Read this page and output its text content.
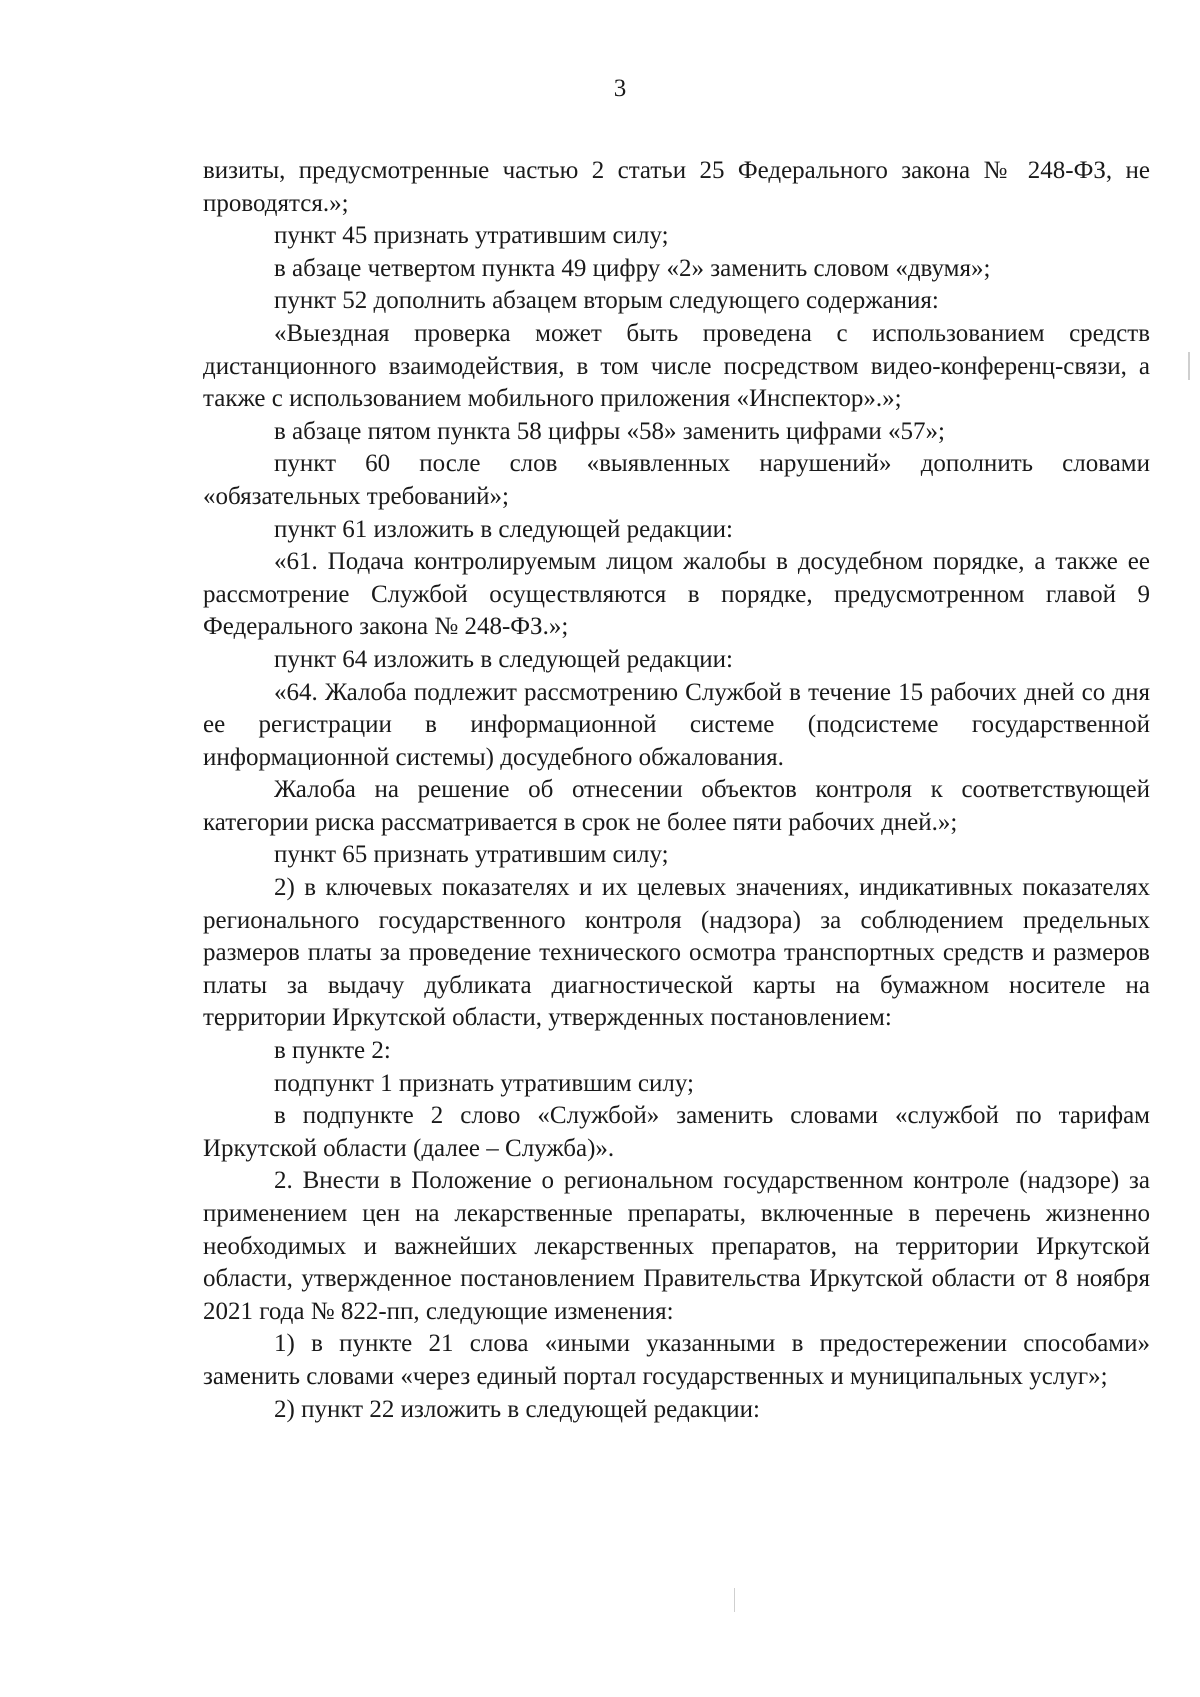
3

визиты, предусмотренные частью 2 статьи 25 Федерального закона № 248-ФЗ, не проводятся.»;

пункт 45 признать утратившим силу;

в абзаце четвертом пункта 49 цифру «2» заменить словом «двумя»;

пункт 52 дополнить абзацем вторым следующего содержания:

«Выездная проверка может быть проведена с использованием средств дистанционного взаимодействия, в том числе посредством видео-конференц-связи, а также с использованием мобильного приложения «Инспектор».»;

в абзаце пятом пункта 58 цифры «58» заменить цифрами «57»;

пункт 60 после слов «выявленных нарушений» дополнить словами «обязательных требований»;

пункт 61 изложить в следующей редакции:

«61. Подача контролируемым лицом жалобы в досудебном порядке, а также ее рассмотрение Службой осуществляются в порядке, предусмотренном главой 9 Федерального закона № 248-ФЗ.»;

пункт 64 изложить в следующей редакции:

«64. Жалоба подлежит рассмотрению Службой в течение 15 рабочих дней со дня ее регистрации в информационной системе (подсистеме государственной информационной системы) досудебного обжалования.

Жалоба на решение об отнесении объектов контроля к соответствующей категории риска рассматривается в срок не более пяти рабочих дней.»;

пункт 65 признать утратившим силу;

2) в ключевых показателях и их целевых значениях, индикативных показателях регионального государственного контроля (надзора) за соблюдением предельных размеров платы за проведение технического осмотра транспортных средств и размеров платы за выдачу дубликата диагностической карты на бумажном носителе на территории Иркутской области, утвержденных постановлением:

в пункте 2:

подпункт 1 признать утратившим силу;

в подпункте 2 слово «Службой» заменить словами «службой по тарифам Иркутской области (далее – Служба)».

2. Внести в Положение о региональном государственном контроле (надзоре) за применением цен на лекарственные препараты, включенные в перечень жизненно необходимых и важнейших лекарственных препаратов, на территории Иркутской области, утвержденное постановлением Правительства Иркутской области от 8 ноября 2021 года № 822-пп, следующие изменения:

1) в пункте 21 слова «иными указанными в предостережении способами» заменить словами «через единый портал государственных и муниципальных услуг»;

2) пункт 22 изложить в следующей редакции:
